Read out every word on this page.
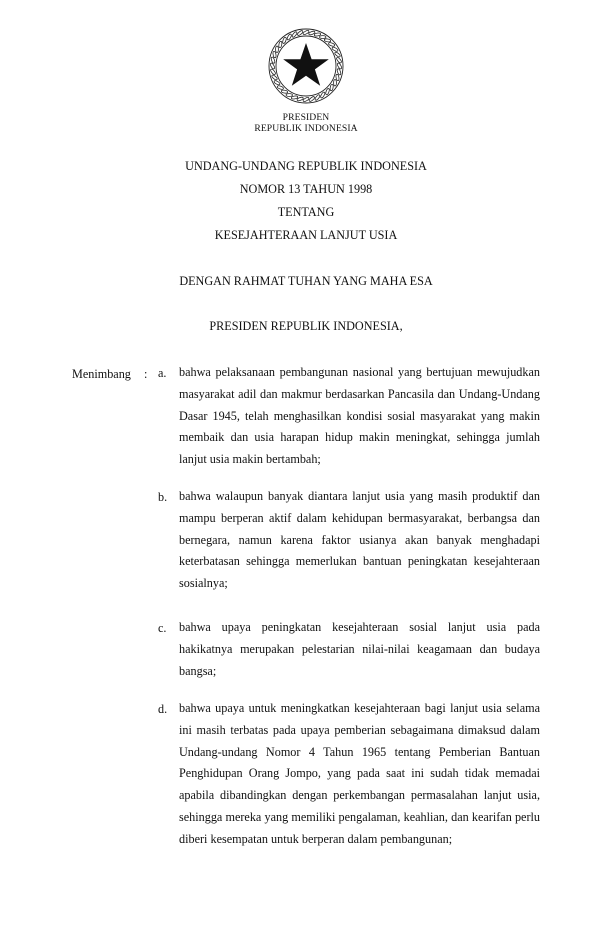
PRESIDEN
REPUBLIK INDONESIA
UNDANG-UNDANG REPUBLIK INDONESIA
NOMOR 13 TAHUN 1998
TENTANG
KESEJAHTERAAN LANJUT USIA
DENGAN RAHMAT TUHAN YANG MAHA ESA
PRESIDEN REPUBLIK INDONESIA,
Menimbang : a. bahwa pelaksanaan pembangunan nasional yang bertujuan mewujudkan masyarakat adil dan makmur berdasarkan Pancasila dan Undang-Undang Dasar 1945, telah menghasilkan kondisi sosial masyarakat yang makin membaik dan usia harapan hidup makin meningkat, sehingga jumlah lanjut usia makin bertambah;
b. bahwa walaupun banyak diantara lanjut usia yang masih produktif dan mampu berperan aktif dalam kehidupan bermasyarakat, berbangsa dan bernegara, namun karena faktor usianya akan banyak menghadapi keterbatasan sehingga memerlukan bantuan peningkatan kesejahteraan sosialnya;
c. bahwa upaya peningkatan kesejahteraan sosial lanjut usia pada hakikatnya merupakan pelestarian nilai-nilai keagamaan dan budaya bangsa;
d. bahwa upaya untuk meningkatkan kesejahteraan bagi lanjut usia selama ini masih terbatas pada upaya pemberian sebagaimana dimaksud dalam Undang-undang Nomor 4 Tahun 1965 tentang Pemberian Bantuan Penghidupan Orang Jompo, yang pada saat ini sudah tidak memadai apabila dibandingkan dengan perkembangan permasalahan lanjut usia, sehingga mereka yang memiliki pengalaman, keahlian, dan kearifan perlu diberi kesempatan untuk berperan dalam pembangunan;
